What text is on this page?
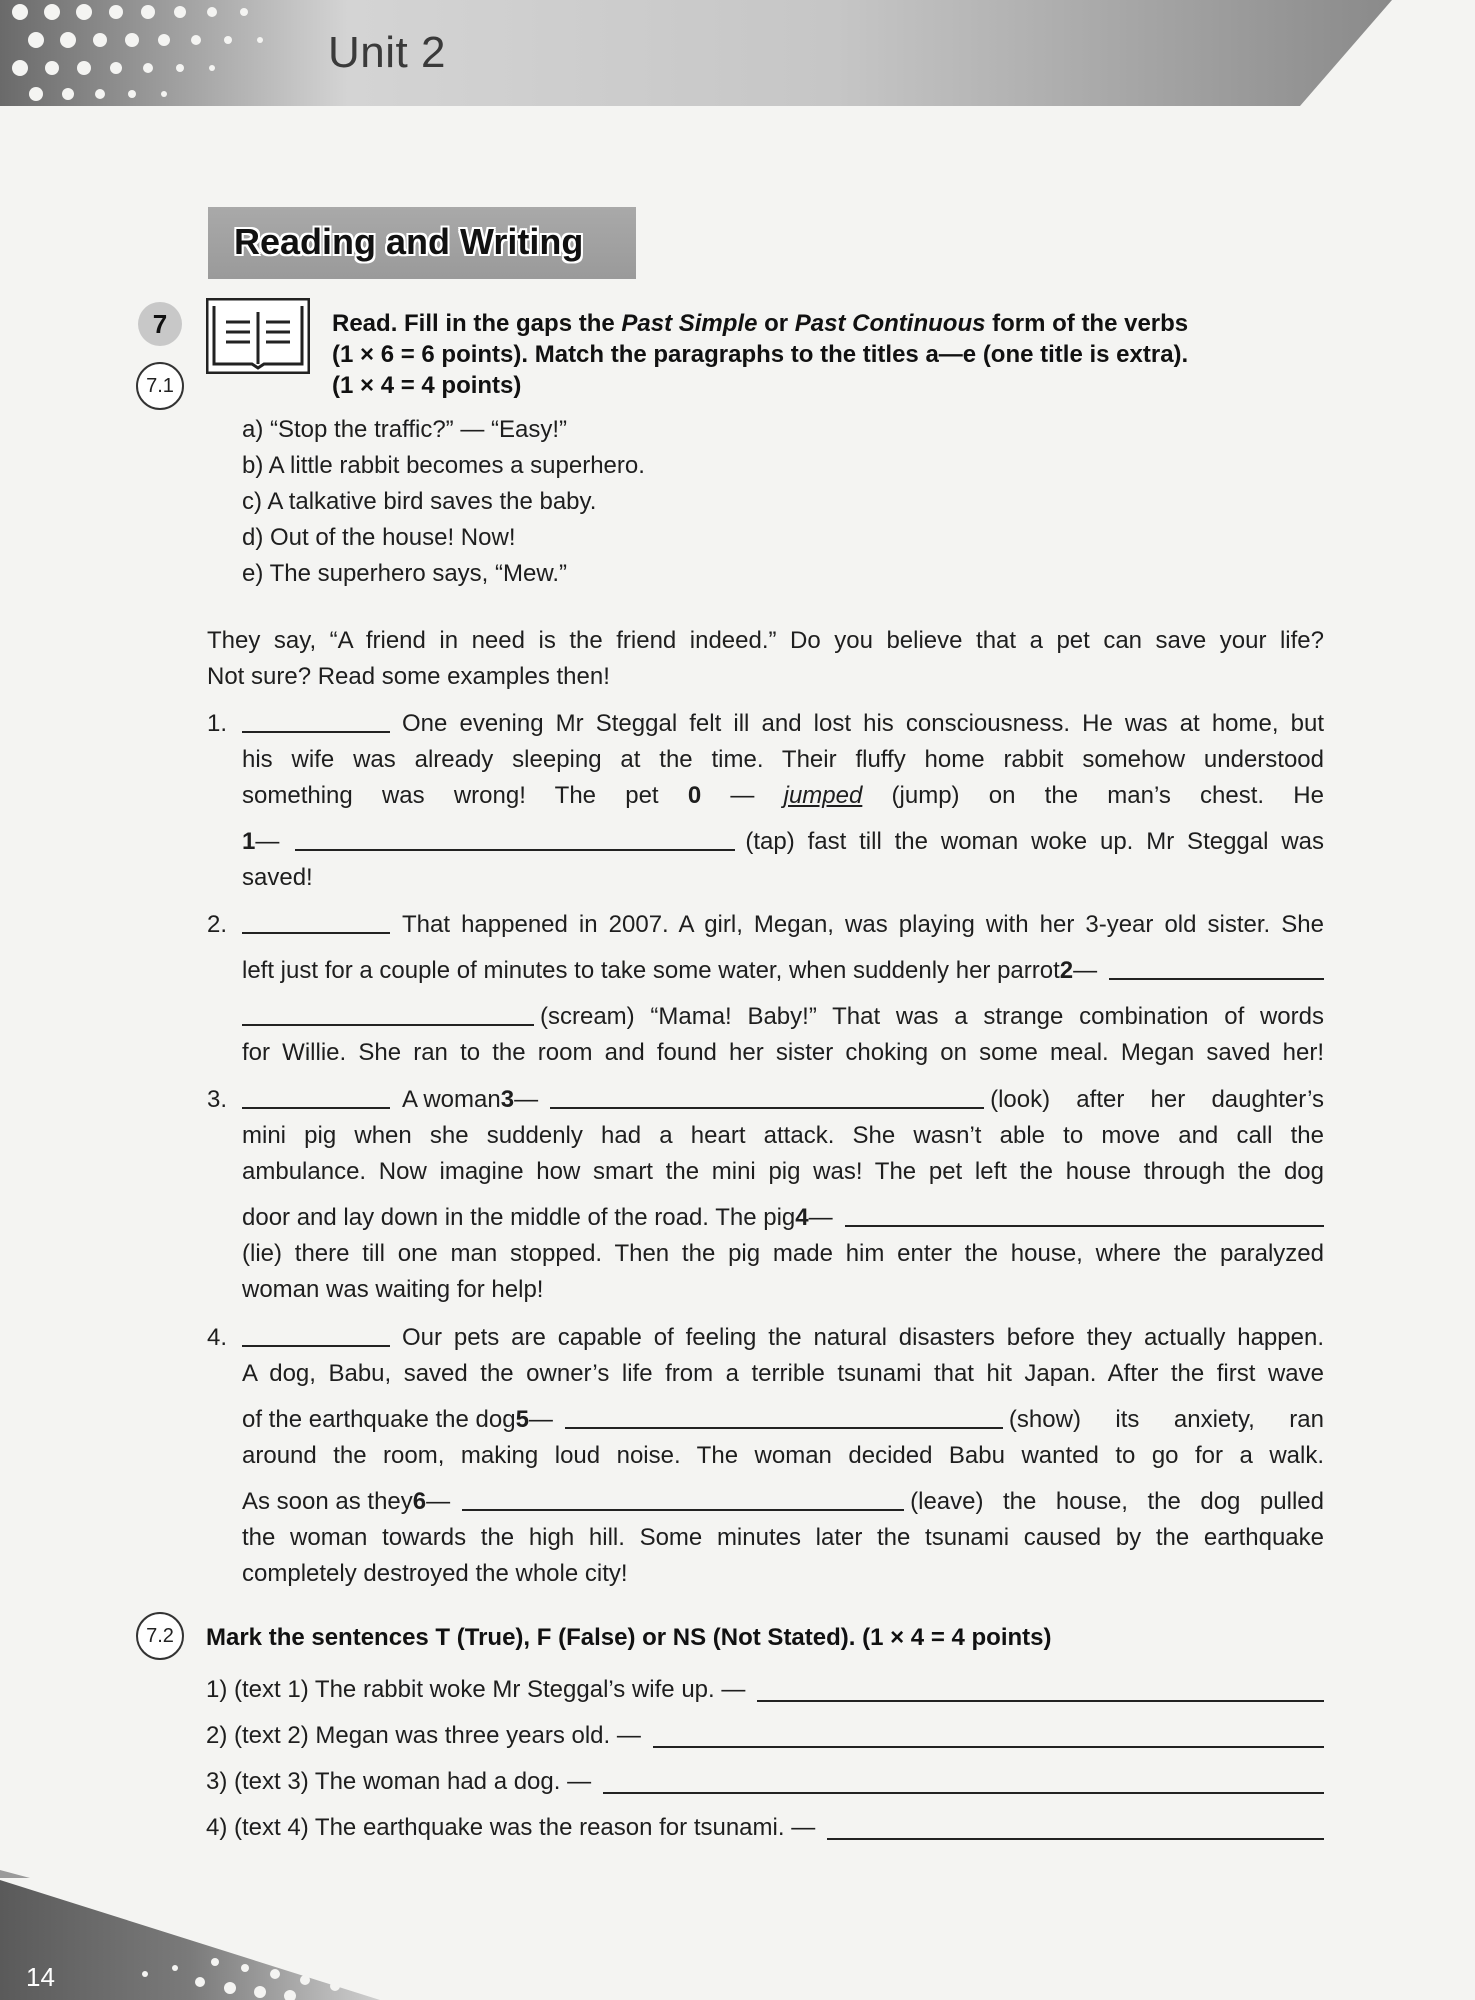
Unit 2
Reading and Writing
7
7.1
Read. Fill in the gaps the Past Simple or Past Continuous form of the verbs
(1 × 6 = 6 points). Match the paragraphs to the titles a—e (one title is extra).
(1 × 4 = 4 points)
a) “Stop the traffic?” — “Easy!”
b) A little rabbit becomes a superhero.
c) A talkative bird saves the baby.
d) Out of the house! Now!
e) The superhero says, “Mew.”
They say, “A friend in need is the friend indeed.” Do you believe that a pet can save your life?
Not sure? Read some examples then!
1.	One evening Mr Steggal felt ill and lost his consciousness. He was at home, but
his wife was already sleeping at the time. Their fluffy home rabbit somehow understood
something was wrong! The pet 0 — jumped (jump) on the man’s chest. He
1 —	(tap) fast till the woman woke up. Mr Steggal was
saved!
2.	That happened in 2007. A girl, Megan, was playing with her 3-year old sister. She
left just for a couple of minutes to take some water, when suddenly her parrot 2 —
(scream) “Mama! Baby!” That was a strange combination of words
for Willie. She ran to the room and found her sister choking on some meal. Megan saved her!
3.	A woman 3 —	(look) after her daughter’s
mini pig when she suddenly had a heart attack. She wasn’t able to move and call the
ambulance. Now imagine how smart the mini pig was! The pet left the house through the dog
door and lay down in the middle of the road. The pig 4 —
(lie) there till one man stopped. Then the pig made him enter the house, where the paralyzed
woman was waiting for help!
4.	Our pets are capable of feeling the natural disasters before they actually happen.
A dog, Babu, saved the owner’s life from a terrible tsunami that hit Japan. After the first wave
of the earthquake the dog 5 —	(show) its anxiety, ran
around the room, making loud noise. The woman decided Babu wanted to go for a walk.
As soon as they 6 —	(leave) the house, the dog pulled
the woman towards the high hill. Some minutes later the tsunami caused by the earthquake
completely destroyed the whole city!
7.2	Mark the sentences T (True), F (False) or NS (Not Stated). (1 × 4 = 4 points)
1) (text 1) The rabbit woke Mr Steggal’s wife up. —
2) (text 2) Megan was three years old. —
3) (text 3) The woman had a dog. —
4) (text 4) The earthquake was the reason for tsunami. —
14
